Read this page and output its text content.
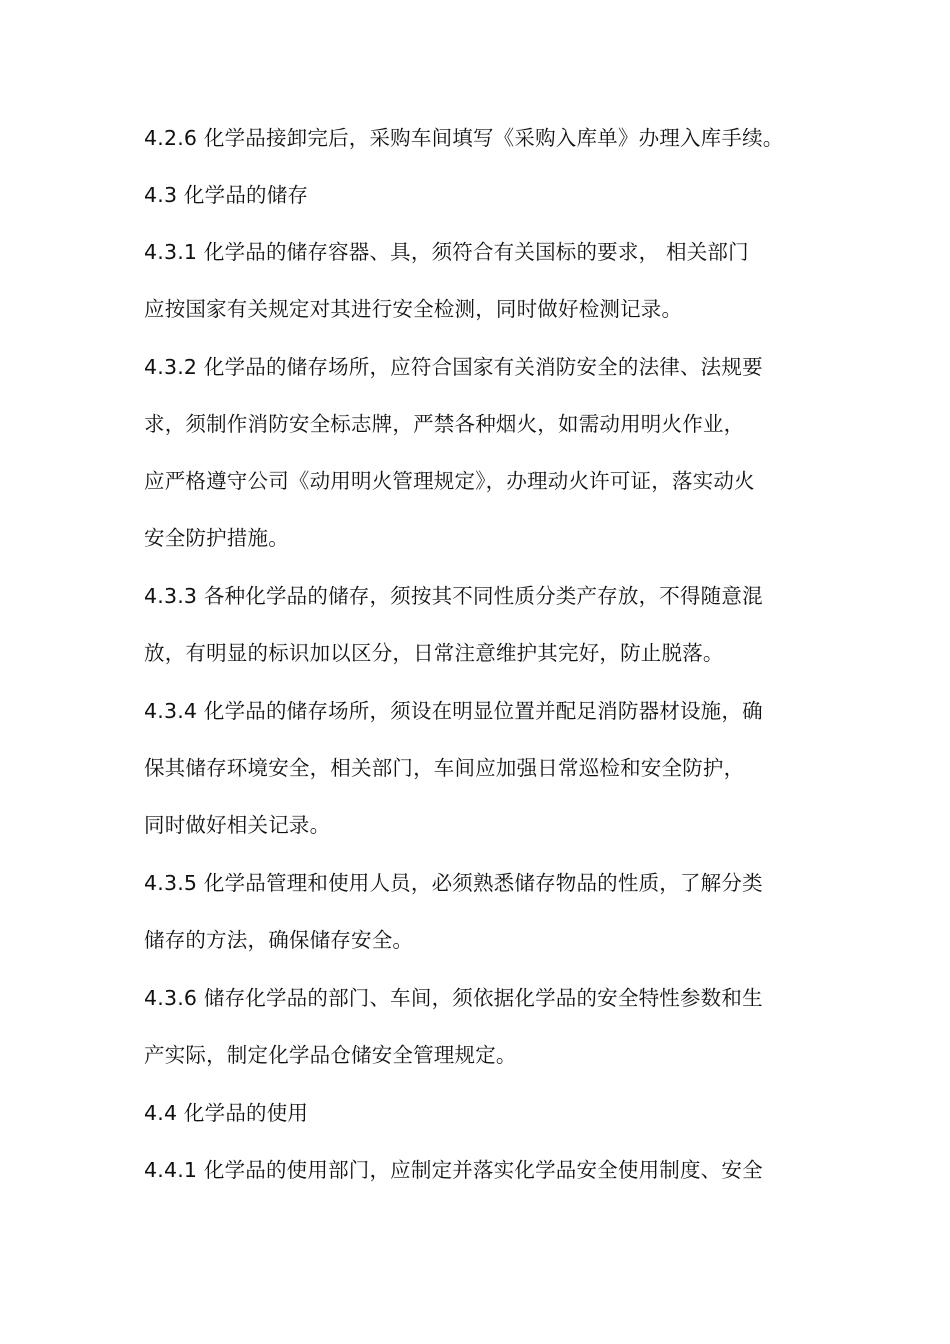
4.2.6 化学品接卸完后，采购车间填写《采购入库单》办理入库手续。
4.3 化学品的储存
4.3.1 化学品的储存容器、具，须符合有关国标的要求， 相关部门
应按国家有关规定对其进行安全检测，同时做好检测记录。
4.3.2 化学品的储存场所，应符合国家有关消防安全的法律、法规要
求，须制作消防安全标志牌，严禁各种烟火，如需动用明火作业，
应严格遵守公司《动用明火管理规定》，办理动火许可证，落实动火
安全防护措施。
4.3.3 各种化学品的储存，须按其不同性质分类产存放，不得随意混
放，有明显的标识加以区分，日常注意维护其完好，防止脱落。
4.3.4 化学品的储存场所，须设在明显位置并配足消防器材设施，确
保其储存环境安全，相关部门，车间应加强日常巡检和安全防护，
同时做好相关记录。
4.3.5 化学品管理和使用人员，必须熟悉储存物品的性质，了解分类
储存的方法，确保储存安全。
4.3.6 储存化学品的部门、车间，须依据化学品的安全特性参数和生
产实际，制定化学品仓储安全管理规定。
4.4 化学品的使用
4.4.1 化学品的使用部门，应制定并落实化学品安全使用制度、安全
